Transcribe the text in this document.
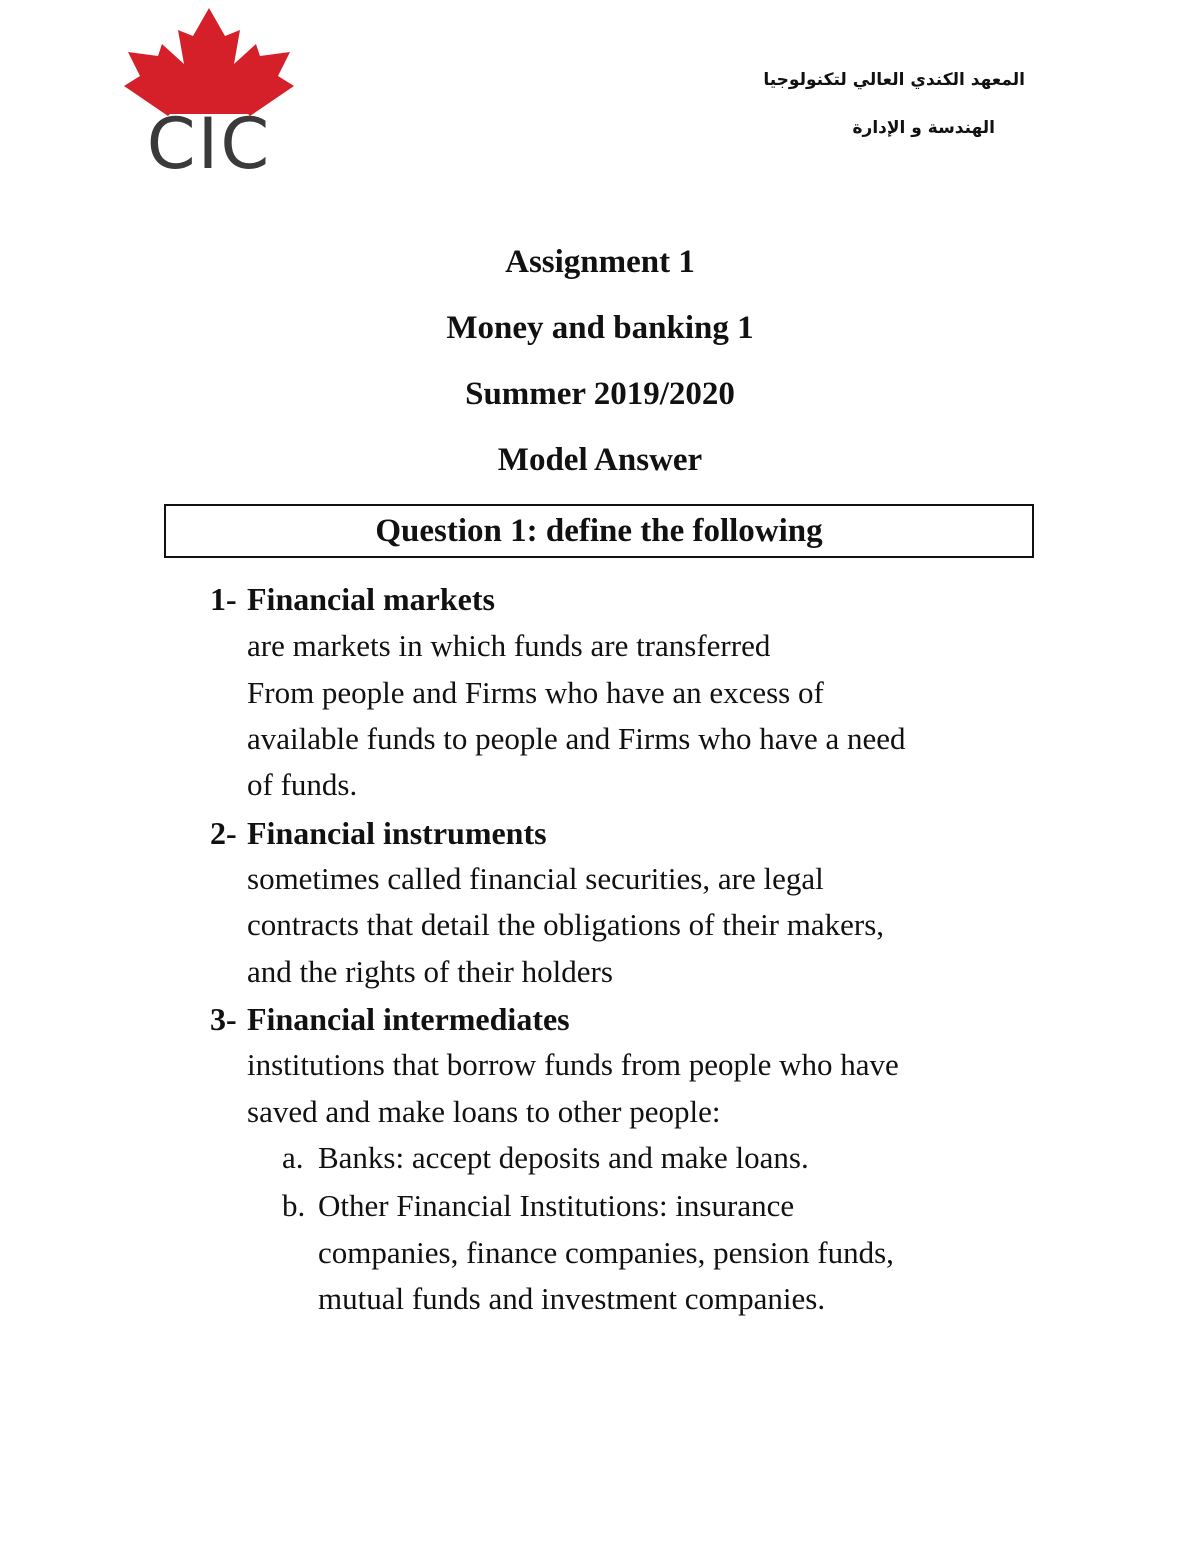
CIC
المعهد الكندي العالي لتكنولوجيا
الهندسة و الإدارة
Assignment 1
Money and banking 1
Summer 2019/2020
Model Answer
Question 1: define the following
1- Financial markets
are markets in which funds are transferred
From people and Firms who have an excess of
available funds to people and Firms who have a need
of funds.
2- Financial instruments
sometimes called financial securities, are legal
contracts that detail the obligations of their makers,
and the rights of their holders
3- Financial intermediates
institutions that borrow funds from people who have
saved and make loans to other people:
a. Banks: accept deposits and make loans.
b. Other Financial Institutions: insurance
companies, finance companies, pension funds,
mutual funds and investment companies.
